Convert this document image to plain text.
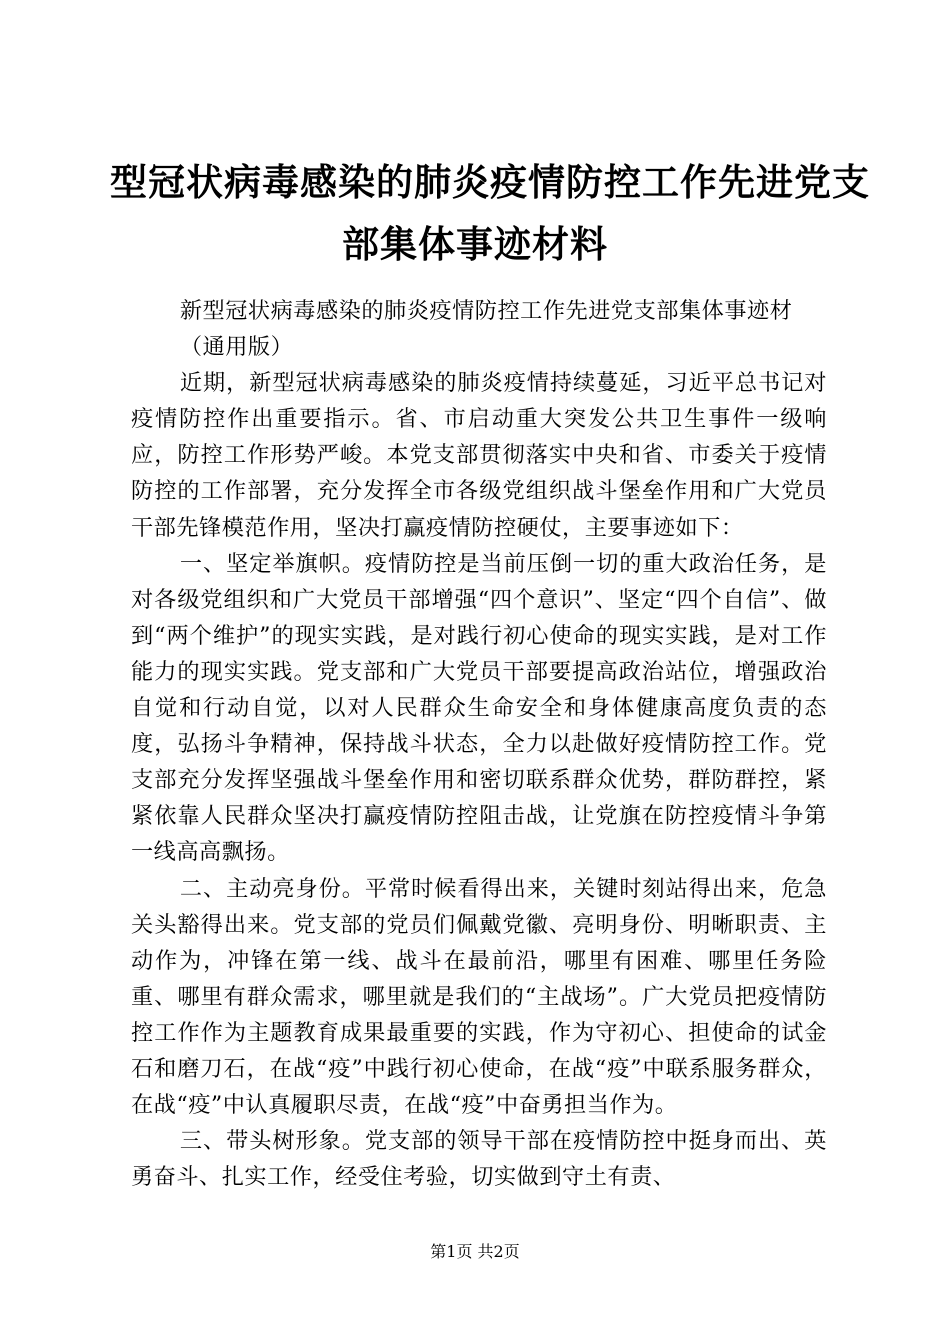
型冠状病毒感染的肺炎疫情防控工作先进党支
部集体事迹材料

新型冠状病毒感染的肺炎疫情防控工作先进党支部集体事迹材

（通用版）

近期，新型冠状病毒感染的肺炎疫情持续蔓延，习近平总书记对疫情防控作出重要指示。省、市启动重大突发公共卫生事件一级响应，防控工作形势严峻。本党支部贯彻落实中央和省、市委关于疫情防控的工作部署，充分发挥全市各级党组织战斗堡垒作用和广大党员干部先锋模范作用，坚决打赢疫情防控硬仗，主要事迹如下：

一、坚定举旗帜。疫情防控是当前压倒一切的重大政治任务，是对各级党组织和广大党员干部增强“四个意识”、坚定“四个自信”、做到“两个维护”的现实实践，是对践行初心使命的现实实践，是对工作能力的现实实践。党支部和广大党员干部要提高政治站位，增强政治自觉和行动自觉，以对人民群众生命安全和身体健康高度负责的态度，弘扬斗争精神，保持战斗状态，全力以赴做好疫情防控工作。党支部充分发挥坚强战斗堡垒作用和密切联系群众优势，群防群控，紧紧依靠人民群众坚决打赢疫情防控阻击战，让党旗在防控疫情斗争第一线高高飘扬。

二、主动亮身份。平常时候看得出来，关键时刻站得出来，危急关头豁得出来。党支部的党员们佩戴党徽、亮明身份、明晰职责、主动作为，冲锋在第一线、战斗在最前沿，哪里有困难、哪里任务险重、哪里有群众需求，哪里就是我们的“主战场”。广大党员把疫情防控工作作为主题教育成果最重要的实践，作为守初心、担使命的试金石和磨刀石，在战“疫”中践行初心使命，在战“疫”中联系服务群众，在战“疫”中认真履职尽责，在战“疫”中奋勇担当作为。

三、带头树形象。党支部的领导干部在疫情防控中挺身而出、英勇奋斗、扎实工作，经受住考验，切实做到守土有责、

第1页 共2页
